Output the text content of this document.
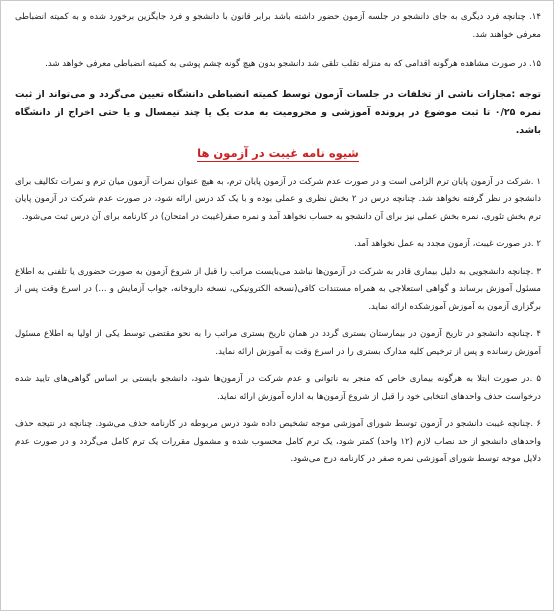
۱۴. چنانچه فرد دیگری به جای دانشجو در جلسه آزمون حضور داشته باشد برابر قانون با دانشجو و فرد جایگزین برخورد شده و به کمیته انضباطی معرفی خواهند شد.

۱۵. در صورت مشاهده هرگونه اقدامی که به منزله تقلب تلقی شد دانشجو بدون هیچ گونه چشم پوشی به کمیته انضباطی معرفی خواهد شد.

توجه :مجازات ناشی از تخلفات در جلسات آزمون توسط کمیته انضباطی دانشگاه تعیین می‌گردد و می‌تواند از ثبت نمره ۰/۲۵ تا ثبت موضوع در پرونده آموزشی و محرومیت به مدت یک یا چند نیمسال و یا حتی اخراج از دانشگاه باشد.

شیوه نامه غیبت در آزمون ها

۱ .شرکت در آزمون پایان ترم الزامی است و در صورت عدم شرکت در آزمون پایان ترم، به هیچ عنوان نمرات آزمون میان ترم و نمرات تکالیف برای دانشجو در نظر گرفته نخواهد شد. چنانچه درس در ۲ بخش نظری و عملی بوده و با یک کد درس ارائه شود، در صورت عدم شرکت در آزمون پایان ترم بخش تئوری، نمره بخش عملی نیز برای آن دانشجو به حساب نخواهد آمد و نمره صفر(غیبت در امتحان) در کارنامه برای آن درس ثبت می‌شود.

۲ .در صورت غیبت، آزمون مجدد به عمل نخواهد آمد.

۳ .چنانچه دانشجویی به دلیل بیماری قادر به شرکت در آزمون‌ها نباشد می‌بایست مراتب را قبل از شروع آزمون به صورت حضوری یا تلفنی به اطلاع مسئول آموزش برساند و گواهی استعلاجی به همراه مستندات کافی(نسخه الکترونیکی، نسخه داروخانه، جواب آزمایش و ...) در اسرع وقت پس از برگزاری آزمون به آموزش آموزشکده ارائه نماید.

۴ .چنانچه دانشجو در تاریخ آزمون در بیمارستان بستری گردد در همان تاریخ بستری مراتب را به نحو مقتضی توسط یکی از اولیا به اطلاع مسئول آموزش رسانده و پس از ترخیص کلیه مدارک بستری را در اسرع وقت به آموزش ارائه نماید.

۵ .در صورت ابتلا به هرگونه بیماری خاص که منجر به ناتوانی و عدم شرکت در آزمون‌ها شود، دانشجو بایستی بر اساس گواهی‌های تایید شده درخواست حذف واحدهای انتخابی خود را قبل از شروع آزمون‌ها به اداره آموزش ارائه نماید.

۶ .چنانچه غیبت دانشجو در آزمون توسط شورای آموزشی موجه تشخیص داده شود درس مربوطه در کارنامه حذف می‌شود. چنانچه در نتیجه حذف واحدهای دانشجو از حد نصاب لازم (۱۲ واحد) کمتر شود، یک ترم کامل محسوب شده و مشمول مقررات یک ترم کامل می‌گردد و در صورت عدم دلایل موجه توسط شورای آموزشی نمره صفر در کارنامه درج می‌شود.
